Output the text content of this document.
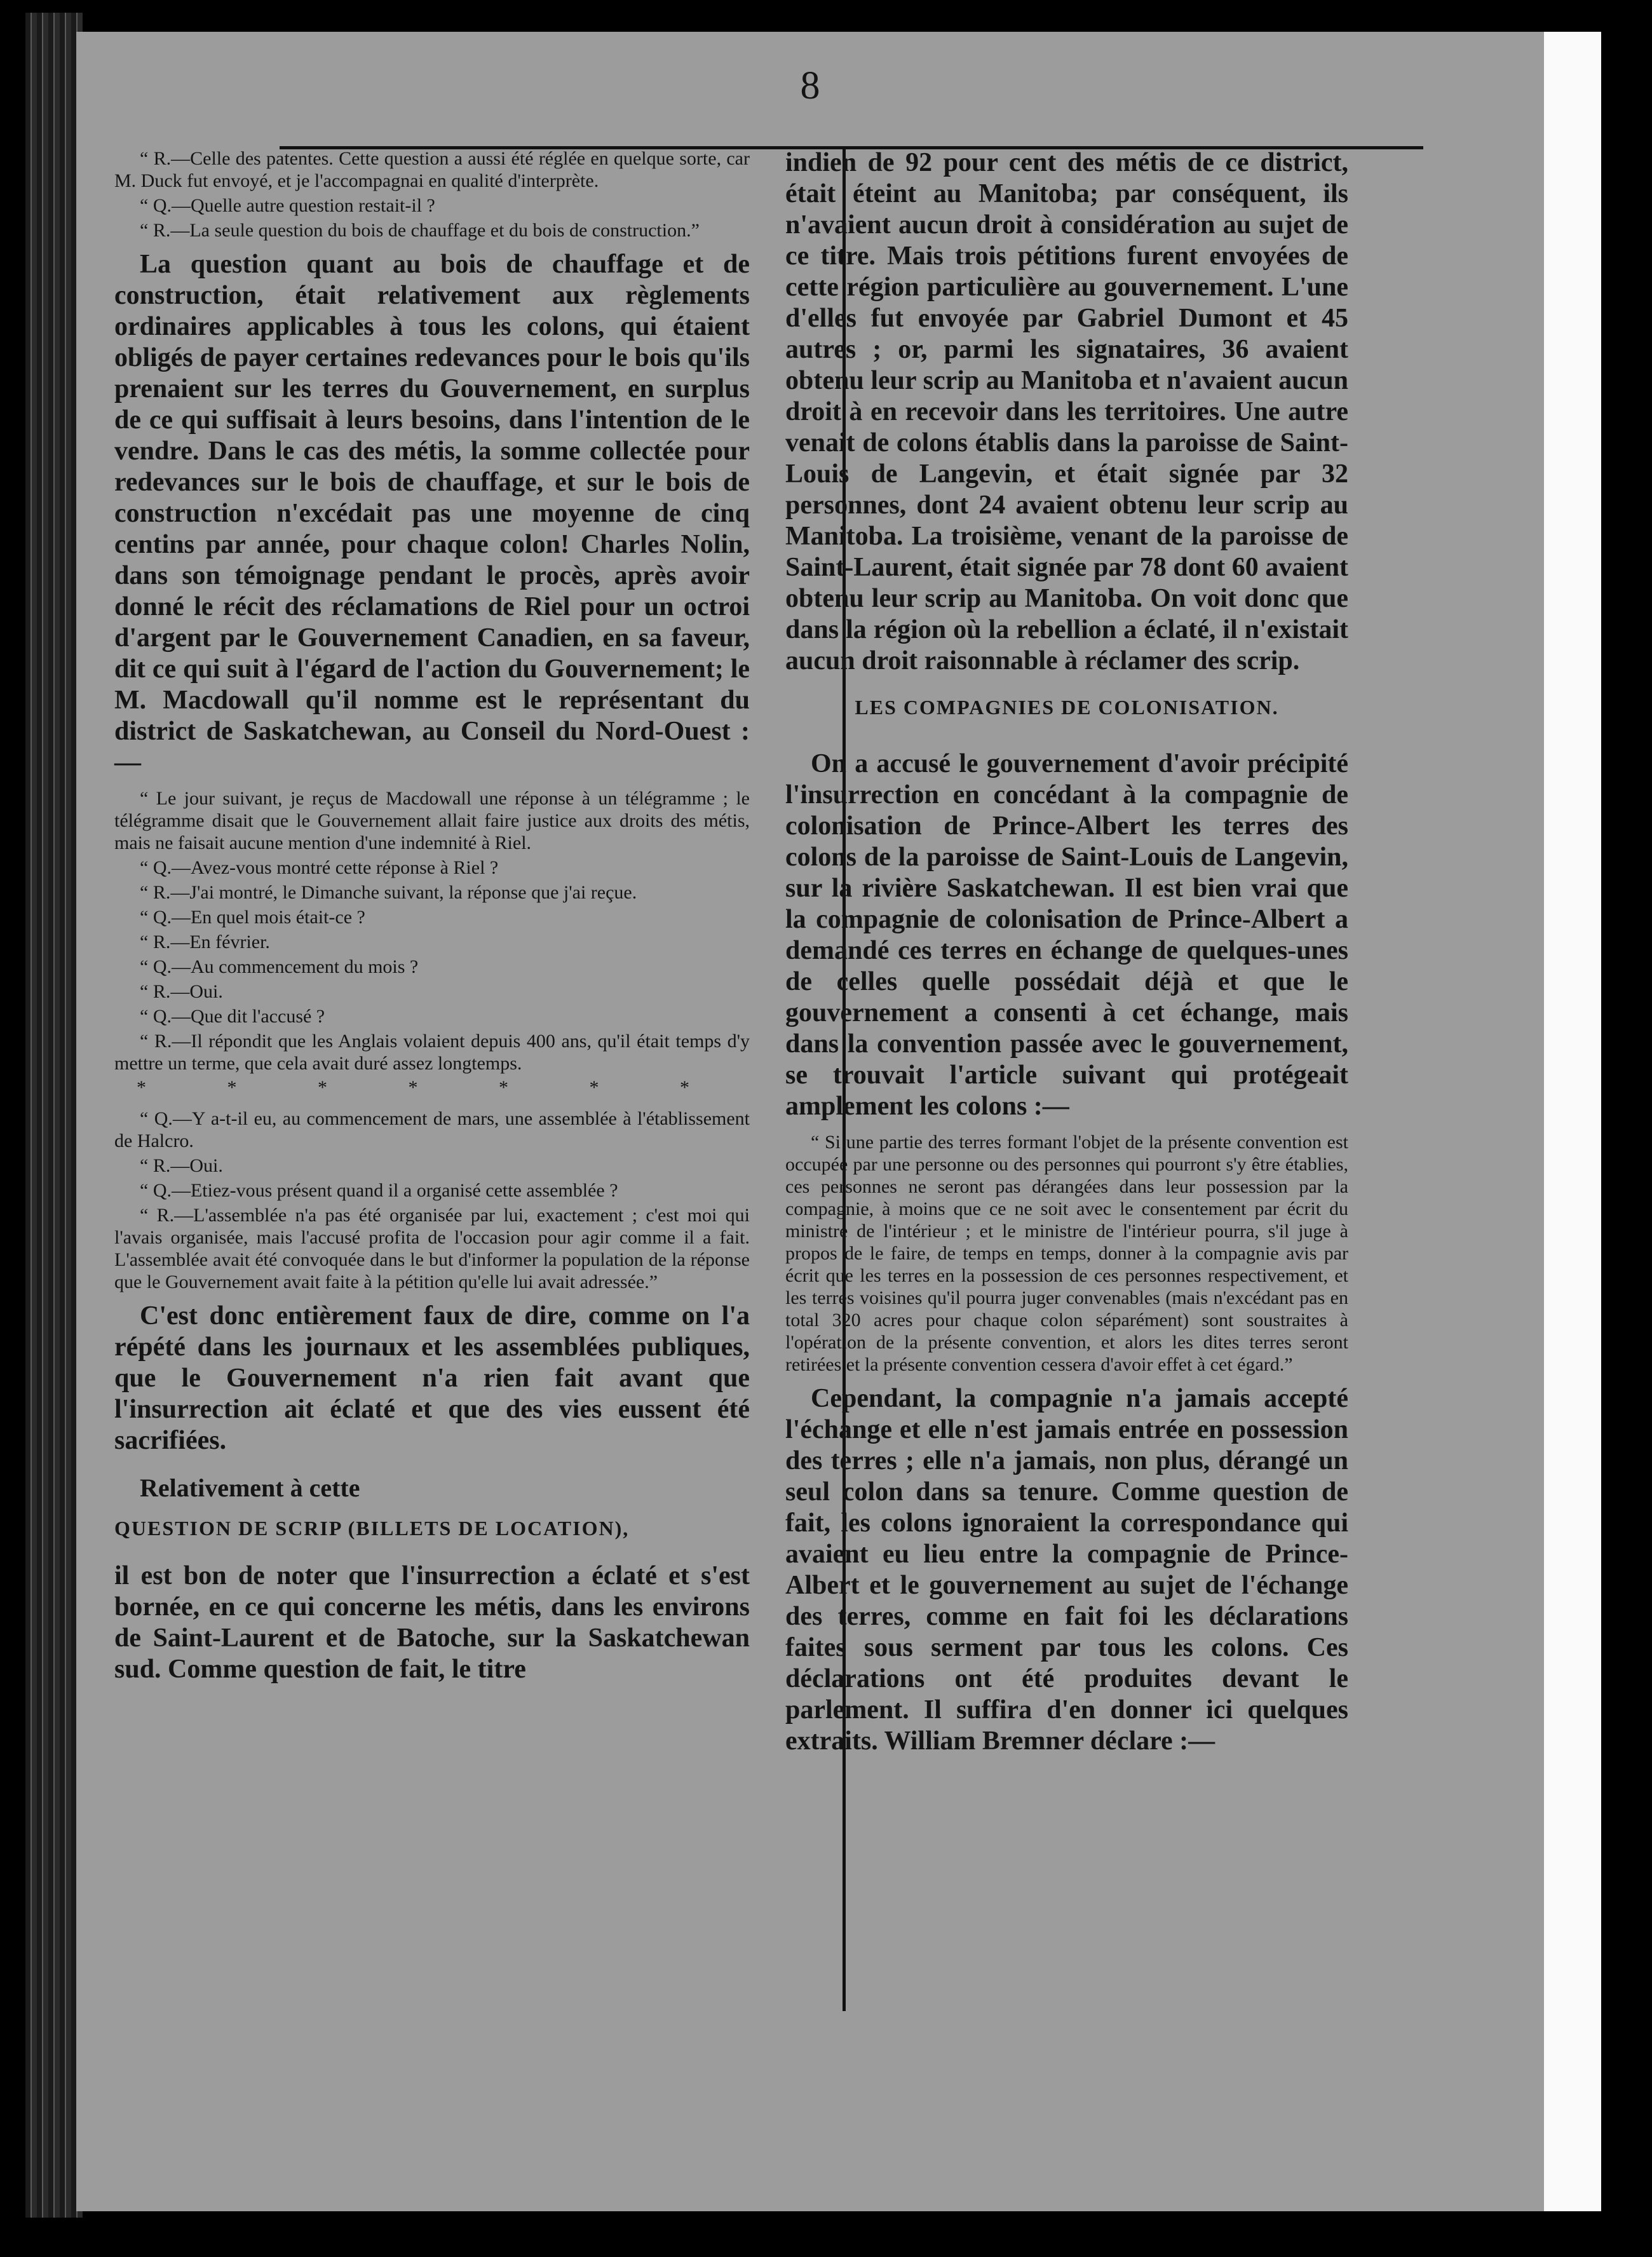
8

“ R.—Celle des patentes. Cette question a aussi été réglée en quelque sorte, car M. Duck fut envoyé, et je l'accompagnai en qualité d'interprète.

“ Q.—Quelle autre question restait-il ?

“ R.—La seule question du bois de chauffage et du bois de construction.”

La question quant au bois de chauffage et de construction, était relativement aux règlements ordinaires applicables à tous les colons, qui étaient obligés de payer certaines redevances pour le bois qu'ils prenaient sur les terres du Gouvernement, en surplus de ce qui suffisait à leurs besoins, dans l'intention de le vendre. Dans le cas des métis, la somme collectée pour redevances sur le bois de chauffage, et sur le bois de construction n'excédait pas une moyenne de cinq centins par année, pour chaque colon! Charles Nolin, dans son témoignage pendant le procès, après avoir donné le récit des réclamations de Riel pour un octroi d'argent par le Gouvernement Canadien, en sa faveur, dit ce qui suit à l'égard de l'action du Gouvernement; le M. Macdowall qu'il nomme est le représentant du district de Saskatchewan, au Conseil du Nord-Ouest :—

“ Le jour suivant, je reçus de Macdowall une réponse à un télégramme ; le télégramme disait que le Gouvernement allait faire justice aux droits des métis, mais ne faisait aucune mention d'une indemnité à Riel.

“ Q.—Avez-vous montré cette réponse à Riel ?

“ R.—J'ai montré, le Dimanche suivant, la réponse que j'ai reçue.

“ Q.—En quel mois était-ce ?

“ R.—En février.

“ Q.—Au commencement du mois ?

“ R.—Oui.

“ Q.—Que dit l'accusé ?

“ R.—Il répondit que les Anglais volaient depuis 400 ans, qu'il était temps d'y mettre un terme, que cela avait duré assez longtemps.

* * * * * * *

“ Q.—Y a-t-il eu, au commencement de mars, une assemblée à l'établissement de Halcro.

“ R.—Oui.

“ Q.—Etiez-vous présent quand il a organisé cette assemblée ?

“ R.—L'assemblée n'a pas été organisée par lui, exactement ; c'est moi qui l'avais organisée, mais l'accusé profita de l'occasion pour agir comme il a fait. L'assemblée avait été convoquée dans le but d'informer la population de la réponse que le Gouvernement avait faite à la pétition qu'elle lui avait adressée.”

C'est donc entièrement faux de dire, comme on l'a répété dans les journaux et les assemblées publiques, que le Gouvernement n'a rien fait avant que l'insurrection ait éclaté et que des vies eussent été sacrifiées.

Relativement à cette
QUESTION DE SCRIP (BILLETS DE LOCATION),

il est bon de noter que l'insurrection a éclaté et s'est bornée, en ce qui concerne les métis, dans les environs de Saint-Laurent et de Batoche, sur la Saskatchewan sud. Comme question de fait, le titre

indien de 92 pour cent des métis de ce district, était éteint au Manitoba; par conséquent, ils n'avaient aucun droit à considération au sujet de ce titre. Mais trois pétitions furent envoyées de cette région particulière au gouvernement. L'une d'elles fut envoyée par Gabriel Dumont et 45 autres ; or, parmi les signataires, 36 avaient obtenu leur scrip au Manitoba et n'avaient aucun droit à en recevoir dans les territoires. Une autre venait de colons établis dans la paroisse de Saint-Louis de Langevin, et était signée par 32 personnes, dont 24 avaient obtenu leur scrip au Manitoba. La troisième, venant de la paroisse de Saint-Laurent, était signée par 78 dont 60 avaient obtenu leur scrip au Manitoba. On voit donc que dans la région où la rebellion a éclaté, il n'existait aucun droit raisonnable à réclamer des scrip.

LES COMPAGNIES DE COLONISATION.

On a accusé le gouvernement d'avoir précipité l'insurrection en concédant à la compagnie de colonisation de Prince-Albert les terres des colons de la paroisse de Saint-Louis de Langevin, sur la rivière Saskatchewan. Il est bien vrai que la compagnie de colonisation de Prince-Albert a demandé ces terres en échange de quelques-unes de celles quelle possédait déjà et que le gouvernement a consenti à cet échange, mais dans la convention passée avec le gouvernement, se trouvait l'article suivant qui protégeait amplement les colons :—

“ Si une partie des terres formant l'objet de la présente convention est occupée par une personne ou des personnes qui pourront s'y être établies, ces personnes ne seront pas dérangées dans leur possession par la compagnie, à moins que ce ne soit avec le consentement par écrit du ministre de l'intérieur ; et le ministre de l'intérieur pourra, s'il juge à propos de le faire, de temps en temps, donner à la compagnie avis par écrit que les terres en la possession de ces personnes respectivement, et les terres voisines qu'il pourra juger convenables (mais n'excédant pas en total 320 acres pour chaque colon séparément) sont soustraites à l'opération de la présente convention, et alors les dites terres seront retirées et la présente convention cessera d'avoir effet à cet égard.”

Cependant, la compagnie n'a jamais accepté l'échange et elle n'est jamais entrée en possession des terres ; elle n'a jamais, non plus, dérangé un seul colon dans sa tenure. Comme question de fait, les colons ignoraient la correspondance qui avaient eu lieu entre la compagnie de Prince-Albert et le gouvernement au sujet de l'échange des terres, comme en fait foi les déclarations faites sous serment par tous les colons. Ces déclarations ont été produites devant le parlement. Il suffira d'en donner ici quelques extraits. William Bremner déclare :—
